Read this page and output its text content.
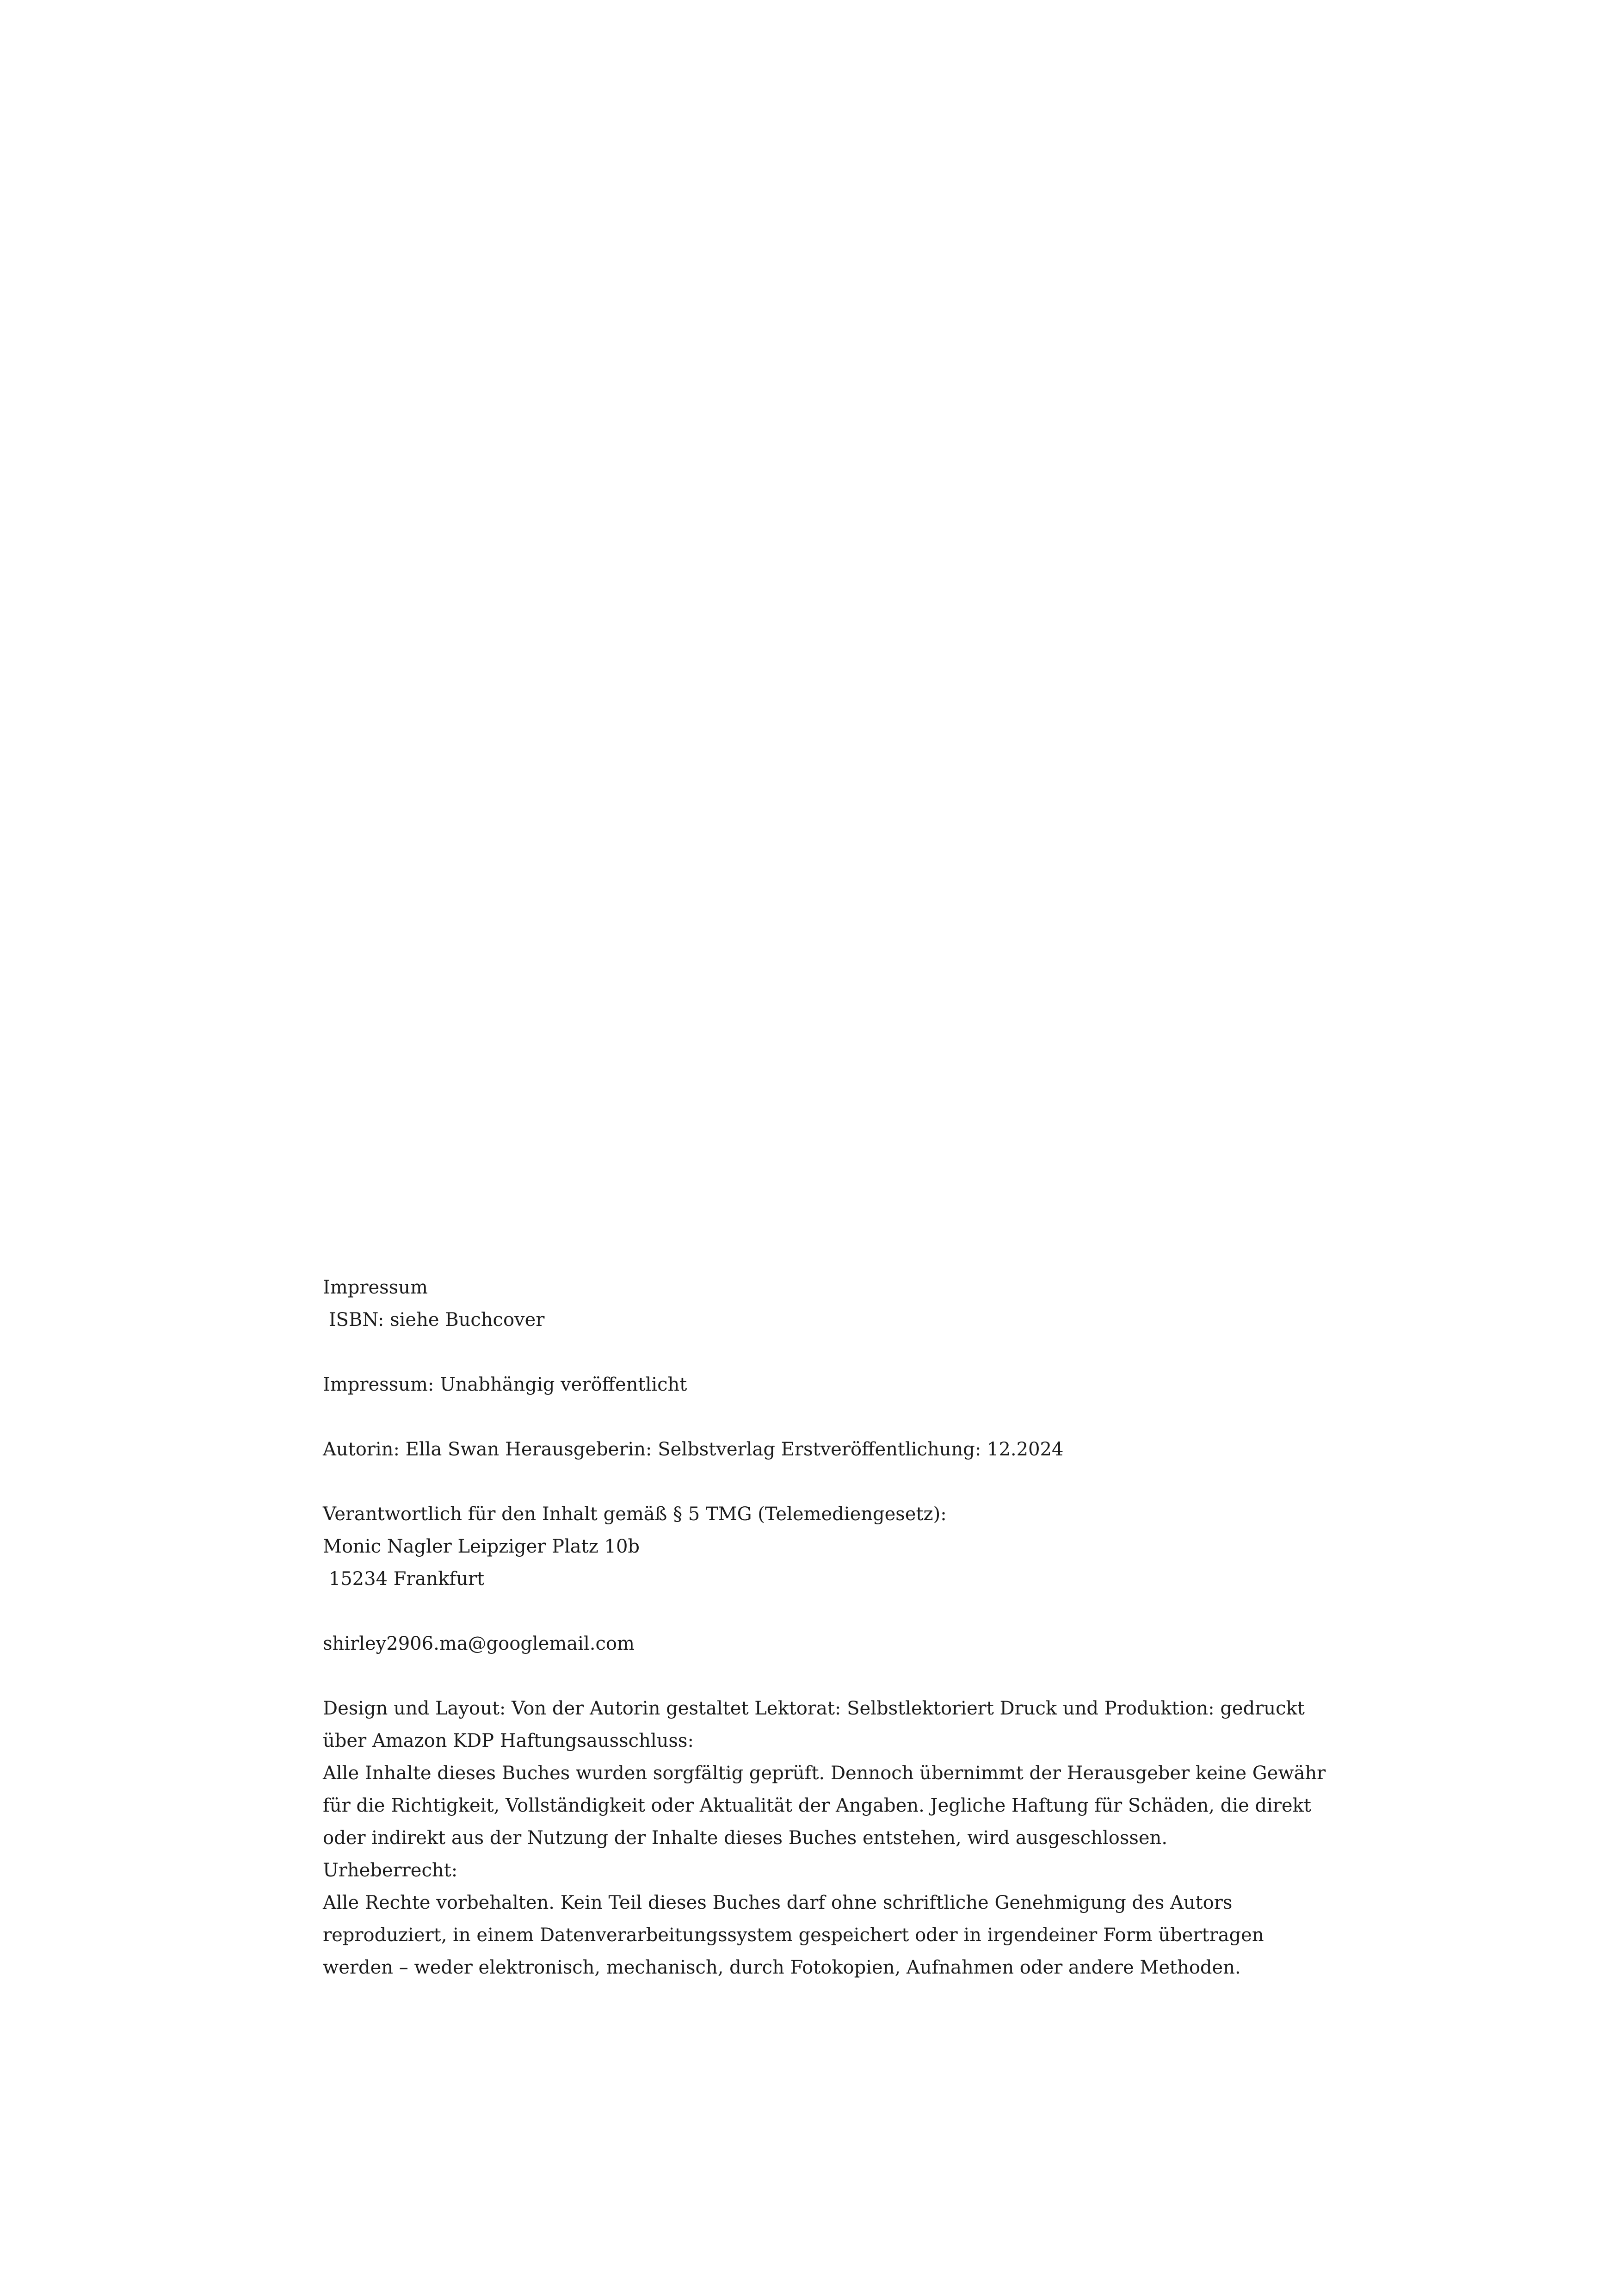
Impressum
ISBN: siehe Buchcover
Impressum: Unabhängig veröffentlicht
Autorin: Ella Swan Herausgeberin: Selbstverlag Erstveröffentlichung: 12.2024
Verantwortlich für den Inhalt gemäß § 5 TMG (Telemediengesetz):
Monic Nagler Leipziger Platz 10b
15234 Frankfurt
shirley2906.ma@googlemail.com
Design und Layout: Von der Autorin gestaltet Lektorat: Selbstlektoriert Druck und Produktion: gedruckt
über Amazon KDP Haftungsausschluss:
Alle Inhalte dieses Buches wurden sorgfältig geprüft. Dennoch übernimmt der Herausgeber keine Gewähr
für die Richtigkeit, Vollständigkeit oder Aktualität der Angaben. Jegliche Haftung für Schäden, die direkt
oder indirekt aus der Nutzung der Inhalte dieses Buches entstehen, wird ausgeschlossen.
Urheberrecht:
Alle Rechte vorbehalten. Kein Teil dieses Buches darf ohne schriftliche Genehmigung des Autors
reproduziert, in einem Datenverarbeitungssystem gespeichert oder in irgendeiner Form übertragen
werden – weder elektronisch, mechanisch, durch Fotokopien, Aufnahmen oder andere Methoden.
